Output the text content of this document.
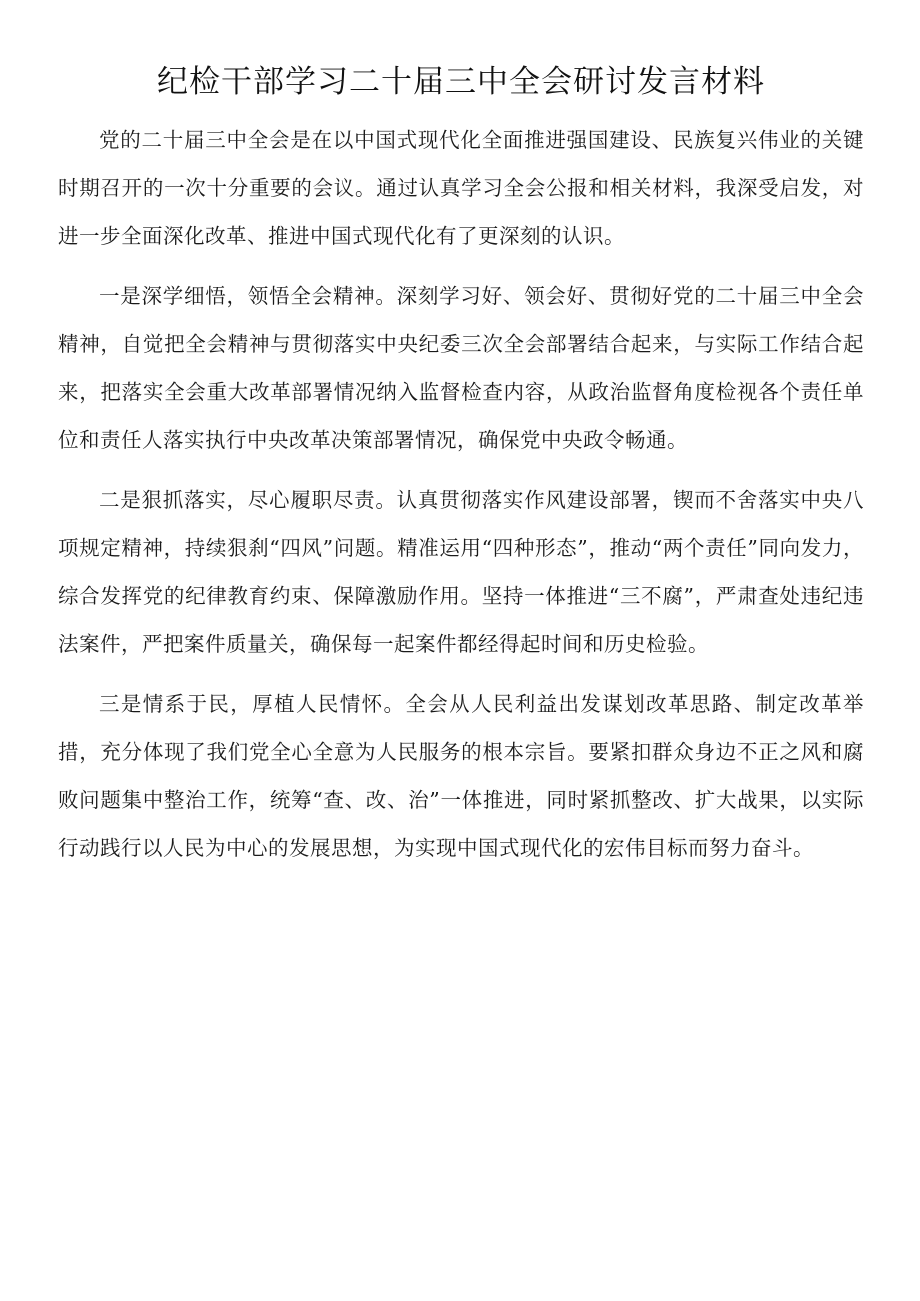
纪检干部学习二十届三中全会研讨发言材料

党的二十届三中全会是在以中国式现代化全面推进强国建设、民族复兴伟业的关键时期召开的一次十分重要的会议。通过认真学习全会公报和相关材料，我深受启发，对进一步全面深化改革、推进中国式现代化有了更深刻的认识。

一是深学细悟，领悟全会精神。深刻学习好、领会好、贯彻好党的二十届三中全会精神，自觉把全会精神与贯彻落实中央纪委三次全会部署结合起来，与实际工作结合起来，把落实全会重大改革部署情况纳入监督检查内容，从政治监督角度检视各个责任单位和责任人落实执行中央改革决策部署情况，确保党中央政令畅通。

二是狠抓落实，尽心履职尽责。认真贯彻落实作风建设部署，锲而不舍落实中央八项规定精神，持续狠刹“四风”问题。精准运用“四种形态”，推动“两个责任”同向发力，综合发挥党的纪律教育约束、保障激励作用。坚持一体推进“三不腐”，严肃查处违纪违法案件，严把案件质量关，确保每一起案件都经得起时间和历史检验。

三是情系于民，厚植人民情怀。全会从人民利益出发谋划改革思路、制定改革举措，充分体现了我们党全心全意为人民服务的根本宗旨。要紧扣群众身边不正之风和腐败问题集中整治工作，统筹“查、改、治”一体推进，同时紧抓整改、扩大战果，以实际行动践行以人民为中心的发展思想，为实现中国式现代化的宏伟目标而努力奋斗。
